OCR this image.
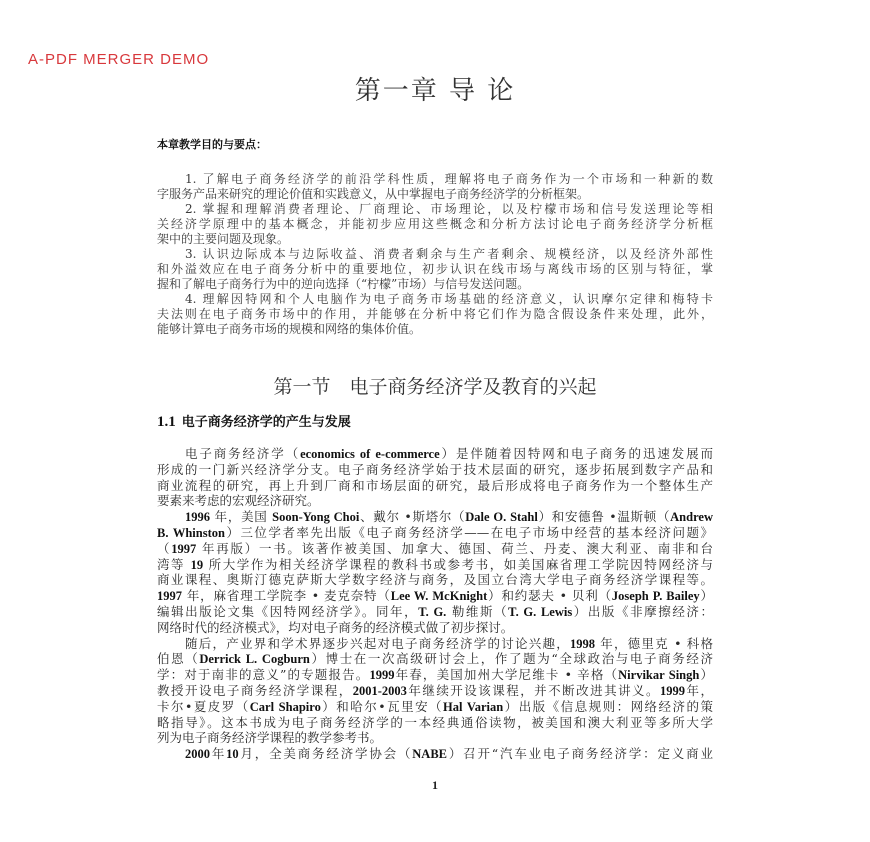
A-PDF MERGER DEMO
第一章 导 论
本章教学目的与要点：
1. 了解电子商务经济学的前沿学科性质，理解将电子商务作为一个市场和一种新的数
字服务产品来研究的理论价值和实践意义，从中掌握电子商务经济学的分析框架。
2. 掌握和理解消费者理论、厂商理论、市场理论，以及柠檬市场和信号发送理论等相
关经济学原理中的基本概念，并能初步应用这些概念和分析方法讨论电子商务经济学分析框
架中的主要问题及现象。
3. 认识边际成本与边际收益、消费者剩余与生产者剩余、规模经济，以及经济外部性
和外溢效应在电子商务分析中的重要地位，初步认识在线市场与离线市场的区别与特征，掌
握和了解电子商务行为中的逆向选择（“柠檬”市场）与信号发送问题。
4. 理解因特网和个人电脑作为电子商务市场基础的经济意义，认识摩尔定律和梅特卡
夫法则在电子商务市场中的作用，并能够在分析中将它们作为隐含假设条件来处理，此外，
能够计算电子商务市场的规模和网络的集体价值。
第一节　电子商务经济学及教育的兴起
1.1 电子商务经济学的产生与发展
电子商务经济学（economics of e-commerce）是伴随着因特网和电子商务的迅速发展而
形成的一门新兴经济学分支。电子商务经济学始于技术层面的研究，逐步拓展到数字产品和
商业流程的研究，再上升到厂商和市场层面的研究，最后形成将电子商务作为一个整体生产
要素来考虑的宏观经济研究。
1996 年，美国 Soon-Yong Choi、戴尔 •斯塔尔（Dale O. Stahl）和安德鲁 •温斯顿（Andrew
B. Whinston）三位学者率先出版《电子商务经济学——在电子市场中经营的基本经济问题》
（1997 年再版）一书。该著作被美国、加拿大、德国、荷兰、丹麦、澳大利亚、南非和台
湾等 19 所大学作为相关经济学课程的教科书或参考书，如美国麻省理工学院因特网经济与
商业课程、奥斯汀德克萨斯大学数字经济与商务，及国立台湾大学电子商务经济学课程等。
1997 年，麻省理工学院李 • 麦克奈特（Lee W. McKnight）和约瑟夫 • 贝利（Joseph P. Bailey）
编辑出版论文集《因特网经济学》。同年，T. G. 勒维斯（T. G. Lewis）出版《非摩擦经济：
网络时代的经济模式》，均对电子商务的经济模式做了初步探讨。
随后，产业界和学术界逐步兴起对电子商务经济学的讨论兴趣，1998 年，德里克 • 科格
伯恩（Derrick L. Cogburn）博士在一次高级研讨会上，作了题为“全球政治与电子商务经济
学：对于南非的意义”的专题报告。1999年春，美国加州大学尼维卡 • 辛格（Nirvikar Singh）
教授开设电子商务经济学课程，2001-2003年继续开设该课程，并不断改进其讲义。1999年，
卡尔•夏皮罗（Carl Shapiro）和哈尔•瓦里安（Hal Varian）出版《信息规则：网络经济的策
略指导》。这本书成为电子商务经济学的一本经典通俗读物，被美国和澳大利亚等多所大学
列为电子商务经济学课程的教学参考书。
2000年10月，全美商务经济学协会（NABE）召开“汽车业电子商务经济学：定义商业
1
